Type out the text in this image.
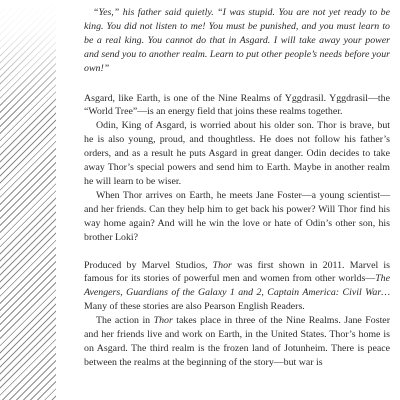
“Yes,” his father said quietly. “I was stupid. You are not yet ready to be king. You did not listen to me! You must be punished, and you must learn to be a real king. You cannot do that in Asgard. I will take away your power and send you to another realm. Learn to put other people’s needs before your own!”

Asgard, like Earth, is one of the Nine Realms of Yggdrasil. Yggdrasil—the “World Tree”—is an energy field that joins these realms together.

Odin, King of Asgard, is worried about his older son. Thor is brave, but he is also young, proud, and thoughtless. He does not follow his father’s orders, and as a result he puts Asgard in great danger. Odin decides to take away Thor’s special powers and send him to Earth. Maybe in another realm he will learn to be wiser.

When Thor arrives on Earth, he meets Jane Foster—a young scientist—and her friends. Can they help him to get back his power? Will Thor find his way home again? And will he win the love or hate of Odin’s other son, his brother Loki?

Produced by Marvel Studios, Thor was first shown in 2011. Marvel is famous for its stories of powerful men and women from other worlds—The Avengers, Guardians of the Galaxy 1 and 2, Captain America: Civil War… Many of these stories are also Pearson English Readers.

The action in Thor takes place in three of the Nine Realms. Jane Foster and her friends live and work on Earth, in the United States. Thor’s home is on Asgard. The third realm is the frozen land of Jotunheim. There is peace between the realms at the beginning of the story—but war is
